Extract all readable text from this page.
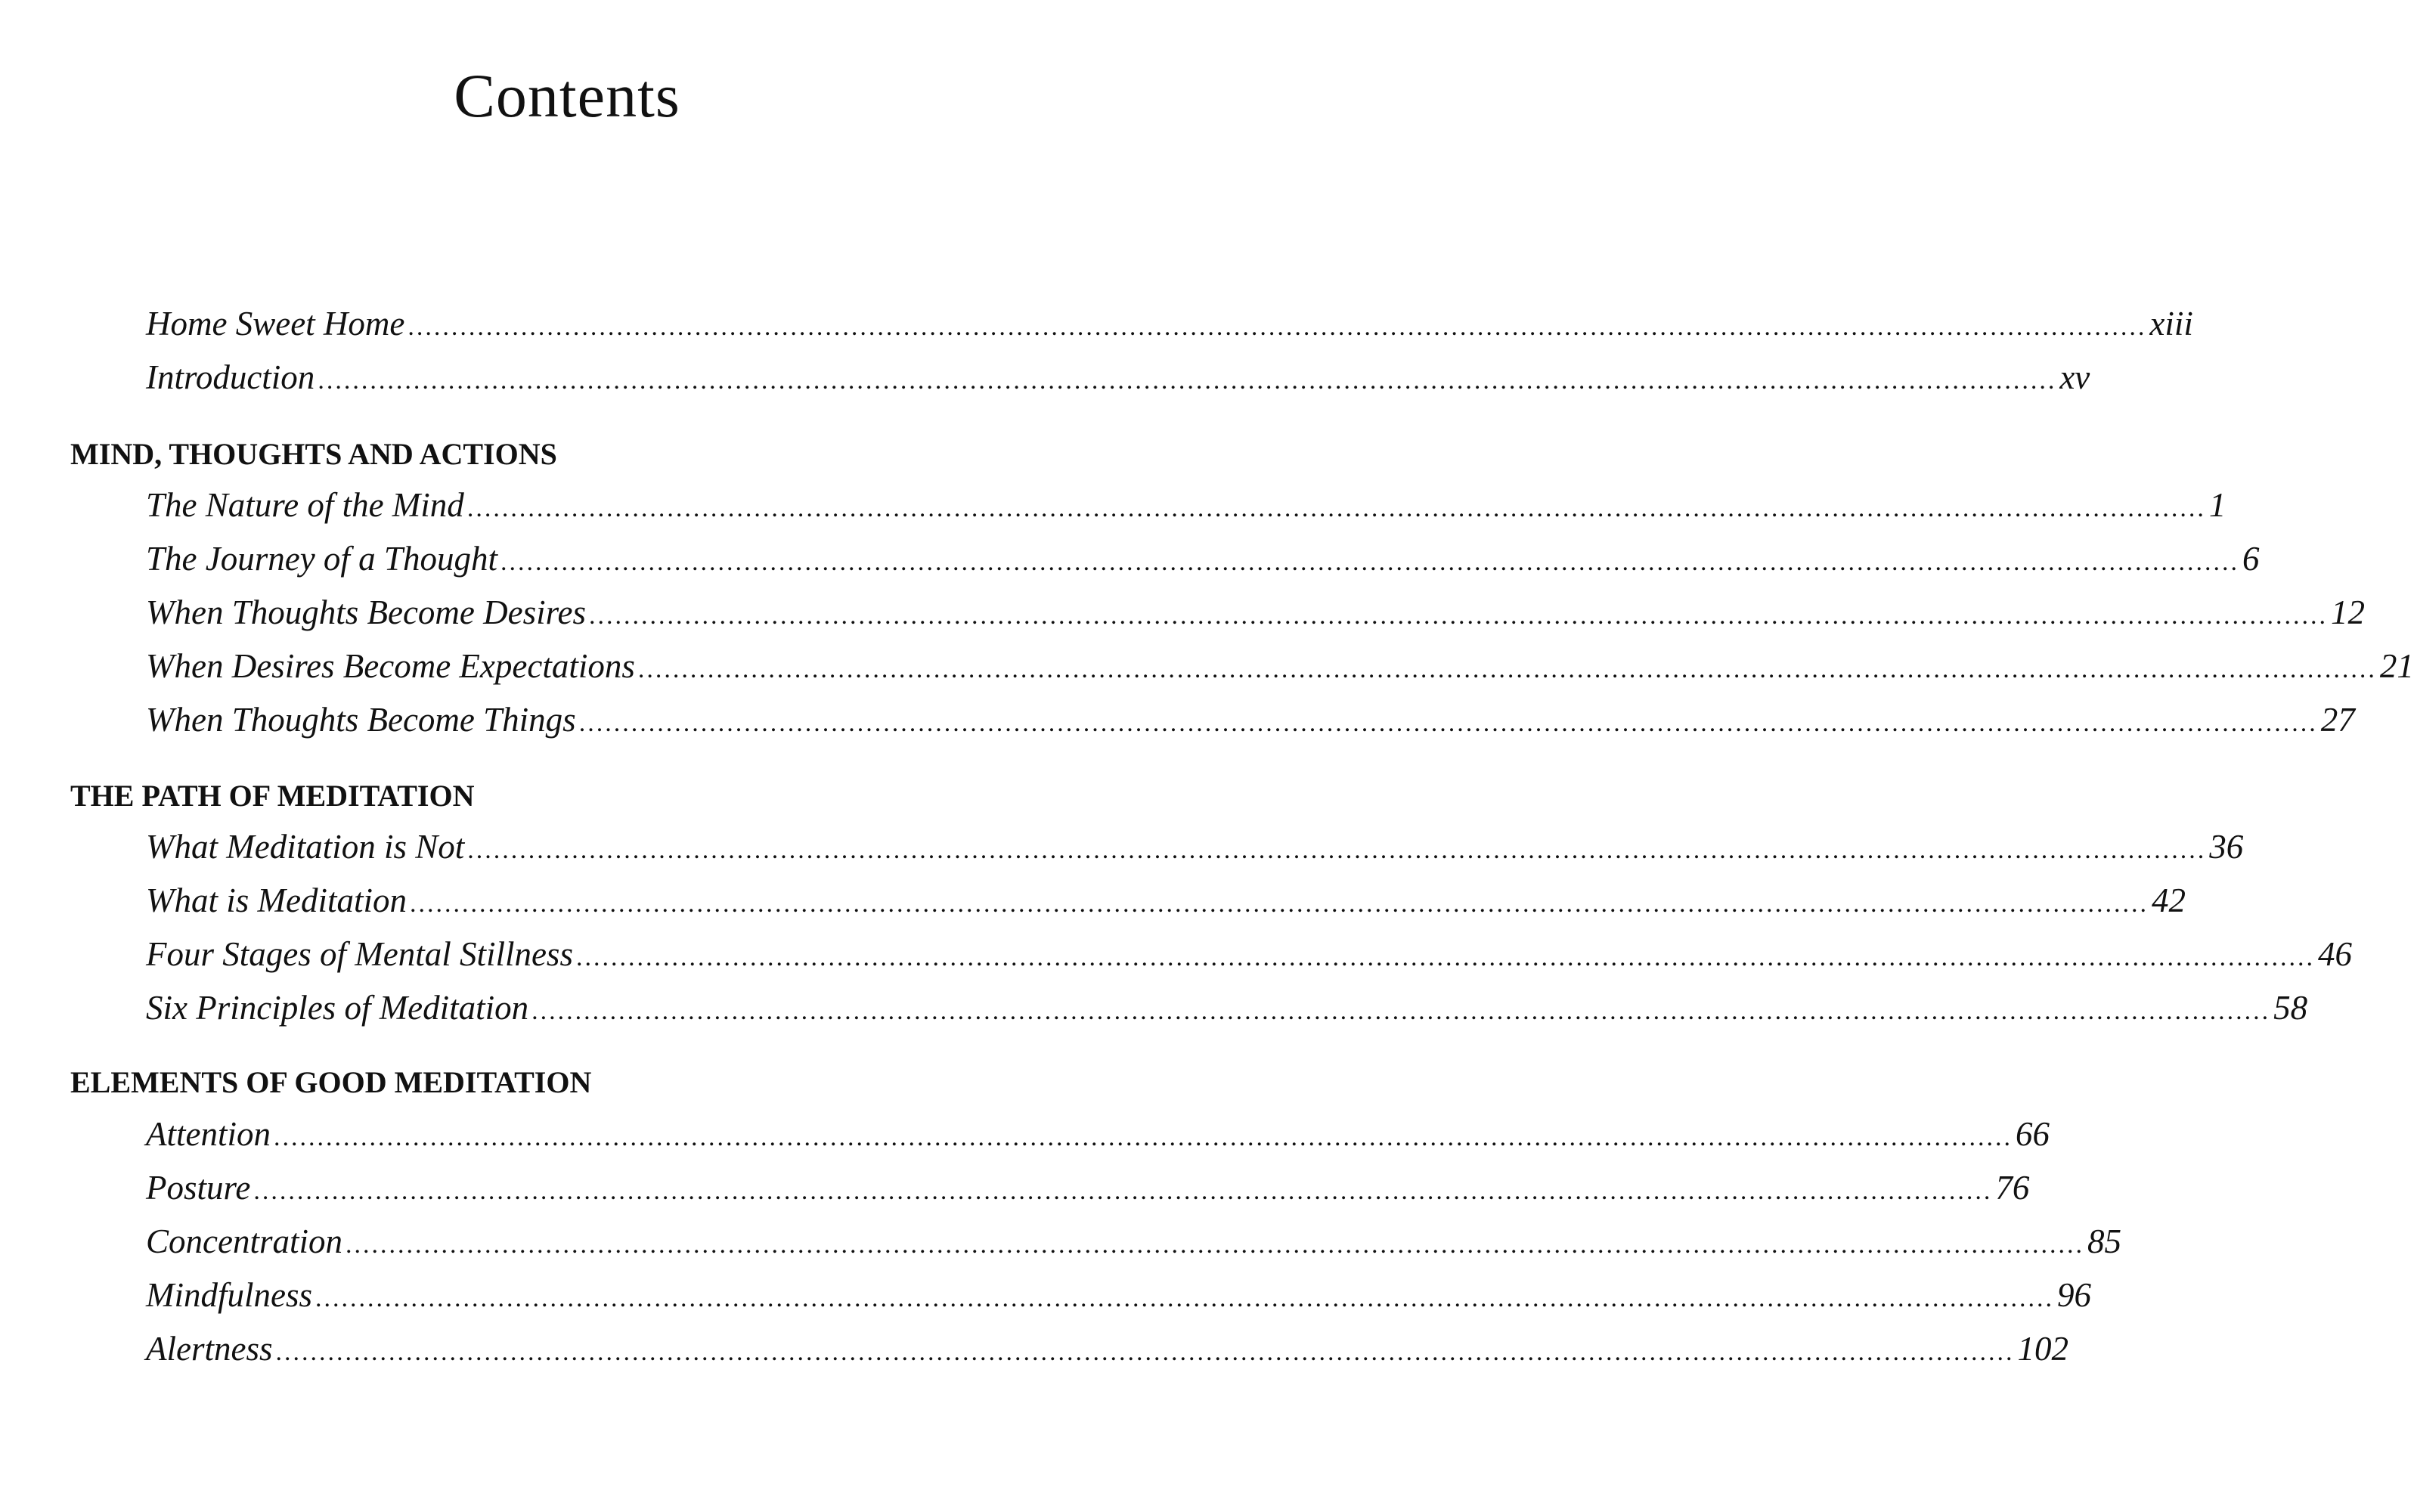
Contents
Home Sweet Home ........................................................................................................................................................................................................ xiii
Introduction ........................................................................................................................................................................................................ xv
MIND, THOUGHTS AND ACTIONS
The Nature of the Mind ........................................................................................................................................................................................................ 1
The Journey of a Thought ........................................................................................................................................................................................................ 6
When Thoughts Become Desires ........................................................................................................................................................................................................ 12
When Desires Become Expectations ........................................................................................................................................................................................................ 21
When Thoughts Become Things ........................................................................................................................................................................................................ 27
THE PATH OF MEDITATION
What Meditation is Not ........................................................................................................................................................................................................ 36
What is Meditation ........................................................................................................................................................................................................ 42
Four Stages of Mental Stillness ........................................................................................................................................................................................................ 46
Six Principles of Meditation ........................................................................................................................................................................................................ 58
ELEMENTS OF GOOD MEDITATION
Attention ........................................................................................................................................................................................................ 66
Posture ........................................................................................................................................................................................................ 76
Concentration ........................................................................................................................................................................................................ 85
Mindfulness ........................................................................................................................................................................................................ 96
Alertness ........................................................................................................................................................................................................ 102
